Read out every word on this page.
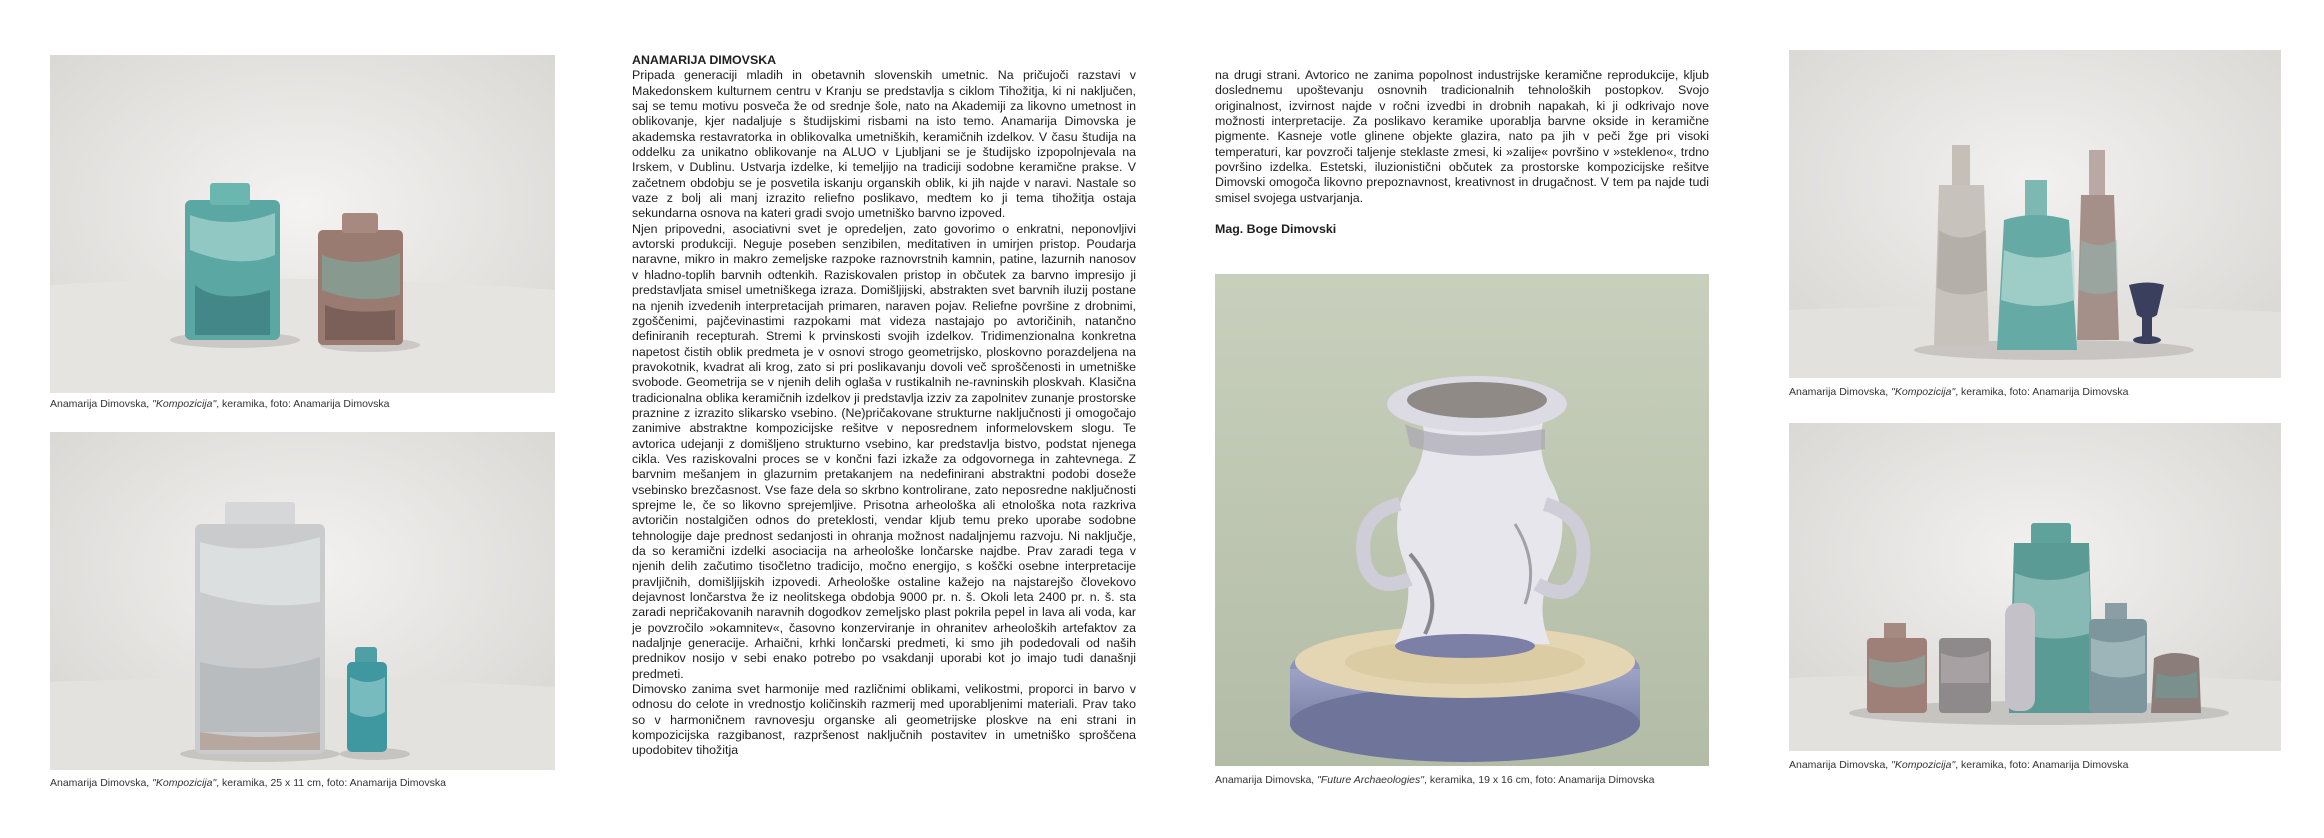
Anamarija Dimovska, "Kompozicija", keramika, foto: Anamarija Dimovska
Anamarija Dimovska, "Kompozicija", keramika, 25 x 11 cm, foto: Anamarija Dimovska
ANAMARIJA DIMOVSKA

Pripada generaciji mladih in obetavnih slovenskih umetnic. Na pričujoči razstavi v Makedonskem kulturnem centru v Kranju se predstavlja s ciklom Tihožitja, ki ni naključen, saj se temu motivu posveča že od srednje šole, nato na Akademiji za likovno umetnost in oblikovanje, kjer nadaljuje s študijskimi risbami na isto temo. Anamarija Dimovska je akademska restavratorka in oblikovalka umetniških, keramičnih izdelkov. V času študija na oddelku za unikatno oblikovanje na ALUO v Ljubljani se je študijsko izpopolnjevala na Irskem, v Dublinu. Ustvarja izdelke, ki temeljijo na tradiciji sodobne keramične prakse. V začetnem obdobju se je posvetila iskanju organskih oblik, ki jih najde v naravi. Nastale so vaze z bolj ali manj izrazito reliefno poslikavo, medtem ko ji tema tihožitja ostaja sekundarna osnova na kateri gradi svojo umetniško barvno izpoved.

Njen pripovedni, asociativni svet je opredeljen, zato govorimo o enkratni, neponovljivi avtorski produkciji. Neguje poseben senzibilen, meditativen in umirjen pristop. Poudarja naravne, mikro in makro zemeljske razpoke raznovrstnih kamnin, patine, lazurnih nanosov v hladno-toplih barvnih odtenkih. Raziskovalen pristop in občutek za barvno impresijo ji predstavljata smisel umetniškega izraza. Domišljijski, abstrakten svet barvnih iluzij postane na njenih izvedenih interpretacijah primaren, naraven pojav. Reliefne površine z drobnimi, zgoščenimi, pajčevinastimi razpokami mat videza nastajajo po avtoričinih, natančno definiranih recepturah. Stremi k prvinskosti svojih izdelkov. Tridimenzionalna konkretna napetost čistih oblik predmeta je v osnovi strogo geometrijsko, ploskovno porazdeljena na pravokotnik, kvadrat ali krog, zato si pri poslikavanju dovoli več sproščenosti in umetniške svobode. Geometrija se v njenih delih oglaša v rustikalnih ne-ravninskih ploskvah. Klasična tradicionalna oblika keramičnih izdelkov ji predstavlja izziv za zapolnitev zunanje prostorske praznine z izrazito slikarsko vsebino. (Ne)pričakovane strukturne naključnosti ji omogočajo zanimive abstraktne kompozicijske rešitve v neposrednem informelovskem slogu. Te avtorica udejanji z domišljeno strukturno vsebino, kar predstavlja bistvo, podstat njenega cikla. Ves raziskovalni proces se v končni fazi izkaže za odgovornega in zahtevnega. Z barvnim mešanjem in glazurnim pretakanjem na nedefinirani abstraktni podobi doseže vsebinsko brezčasnost. Vse faze dela so skrbno kontrolirane, zato neposredne naključnosti sprejme le, če so likovno sprejemljive. Prisotna arheološka ali etnološka nota razkriva avtoričin nostalgičen odnos do preteklosti, vendar kljub temu preko uporabe sodobne tehnologije daje prednost sedanjosti in ohranja možnost nadaljnjemu razvoju. Ni naključje, da so keramični izdelki asociacija na arheološke lončarske najdbe. Prav zaradi tega v njenih delih začutimo tisočletno tradicijo, močno energijo, s koščki osebne interpretacije pravljičnih, domišljijskih izpovedi. Arheološke ostaline kažejo na najstarejšo človekovo dejavnost lončarstva že iz neolitskega obdobja 9000 pr. n. š. Okoli leta 2400 pr. n. š. sta zaradi nepričakovanih naravnih dogodkov zemeljsko plast pokrila pepel in lava ali voda, kar je povzročilo »okamnitev«, časovno konzerviranje in ohranitev arheoloških artefaktov za nadaljnje generacije. Arhaični, krhki lončarski predmeti, ki smo jih podedovali od naših prednikov nosijo v sebi enako potrebo po vsakdanji uporabi kot jo imajo tudi današnji predmeti.

Dimovsko zanima svet harmonije med različnimi oblikami, velikostmi, proporci in barvo v odnosu do celote in vrednostjo količinskih razmerij med uporabljenimi materiali. Prav tako so v harmoničnem ravnovesju organske ali geometrijske ploskve na eni strani in kompozicijska razgibanost, razpršenost naključnih postavitev in umetniško sproščena upodobitev tihožitja

na drugi strani. Avtorico ne zanima popolnost industrijske keramične reprodukcije, kljub doslednemu upoštevanju osnovnih tradicionalnih tehnoloških postopkov. Svojo originalnost, izvirnost najde v ročni izvedbi in drobnih napakah, ki ji odkrivajo nove možnosti interpretacije. Za poslikavo keramike uporablja barvne okside in keramične pigmente. Kasneje votle glinene objekte glazira, nato pa jih v peči žge pri visoki temperaturi, kar povzroči taljenje steklaste zmesi, ki »zalije« površino v »stekleno«, trdno površino izdelka. Estetski, iluzionistični občutek za prostorske kompozicijske rešitve Dimovski omogoča likovno prepoznavnost, kreativnost in drugačnost. V tem pa najde tudi smisel svojega ustvarjanja.

Mag. Boge Dimovski
Anamarija Dimovska, "Future Archaeologies", keramika, 19 x 16 cm, foto: Anamarija Dimovska
Anamarija Dimovska, "Kompozicija", keramika, foto: Anamarija Dimovska
Anamarija Dimovska, "Kompozicija", keramika, foto: Anamarija Dimovska
